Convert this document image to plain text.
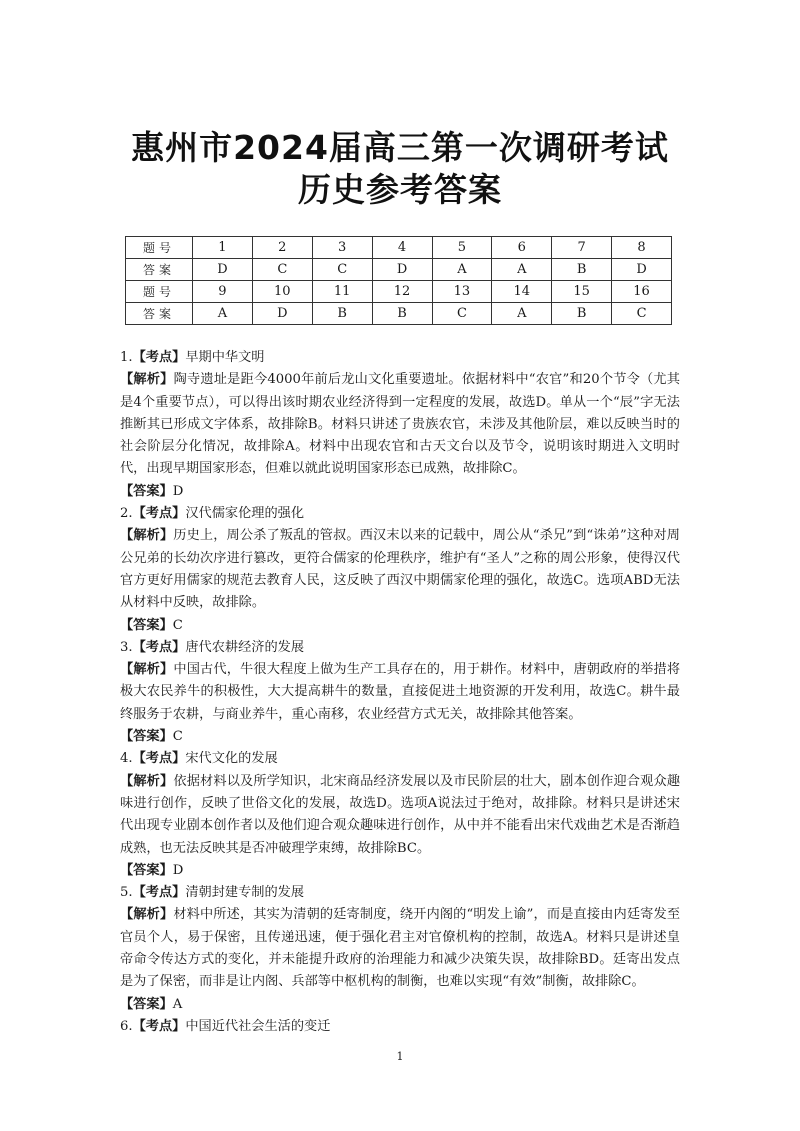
惠州市2024届高三第一次调研考试
历史参考答案
题号	1	2	3	4	5	6	7	8
答案	D	C	C	D	A	A	B	D
题号	9	10	11	12	13	14	15	16
答案	A	D	B	B	C	A	B	C

1.【考点】早期中华文明

【解析】陶寺遗址是距今4000年前后龙山文化重要遗址。依据材料中“农官”和20个节令（尤其是4个重要节点），可以得出该时期农业经济得到一定程度的发展，故选D。单从一个“辰”字无法推断其已形成文字体系，故排除B。材料只讲述了贵族农官，未涉及其他阶层，难以反映当时的社会阶层分化情况，故排除A。材料中出现农官和古天文台以及节令，说明该时期进入文明时代，出现早期国家形态，但难以就此说明国家形态已成熟，故排除C。

【答案】D

2.【考点】汉代儒家伦理的强化

【解析】历史上，周公杀了叛乱的管叔。西汉末以来的记载中，周公从“杀兄”到“诛弟”这种对周公兄弟的长幼次序进行篡改，更符合儒家的伦理秩序，维护有“圣人”之称的周公形象，使得汉代官方更好用儒家的规范去教育人民，这反映了西汉中期儒家伦理的强化，故选C。选项ABD无法从材料中反映，故排除。

【答案】C

3.【考点】唐代农耕经济的发展

【解析】中国古代，牛很大程度上做为生产工具存在的，用于耕作。材料中，唐朝政府的举措将极大农民养牛的积极性，大大提高耕牛的数量，直接促进土地资源的开发利用，故选C。耕牛最终服务于农耕，与商业养牛，重心南移，农业经营方式无关，故排除其他答案。

【答案】C

4.【考点】宋代文化的发展

【解析】依据材料以及所学知识，北宋商品经济发展以及市民阶层的壮大，剧本创作迎合观众趣味进行创作，反映了世俗文化的发展，故选D。选项A说法过于绝对，故排除。材料只是讲述宋代出现专业剧本创作者以及他们迎合观众趣味进行创作，从中并不能看出宋代戏曲艺术是否渐趋成熟，也无法反映其是否冲破理学束缚，故排除BC。

【答案】D

5.【考点】清朝封建专制的发展

【解析】材料中所述，其实为清朝的廷寄制度，绕开内阁的“明发上谕”，而是直接由内廷寄发至官员个人，易于保密，且传递迅速，便于强化君主对官僚机构的控制，故选A。材料只是讲述皇帝命令传达方式的变化，并未能提升政府的治理能力和减少决策失误，故排除BD。廷寄出发点是为了保密，而非是让内阁、兵部等中枢机构的制衡，也难以实现“有效”制衡，故排除C。

【答案】A

6.【考点】中国近代社会生活的变迁

1
